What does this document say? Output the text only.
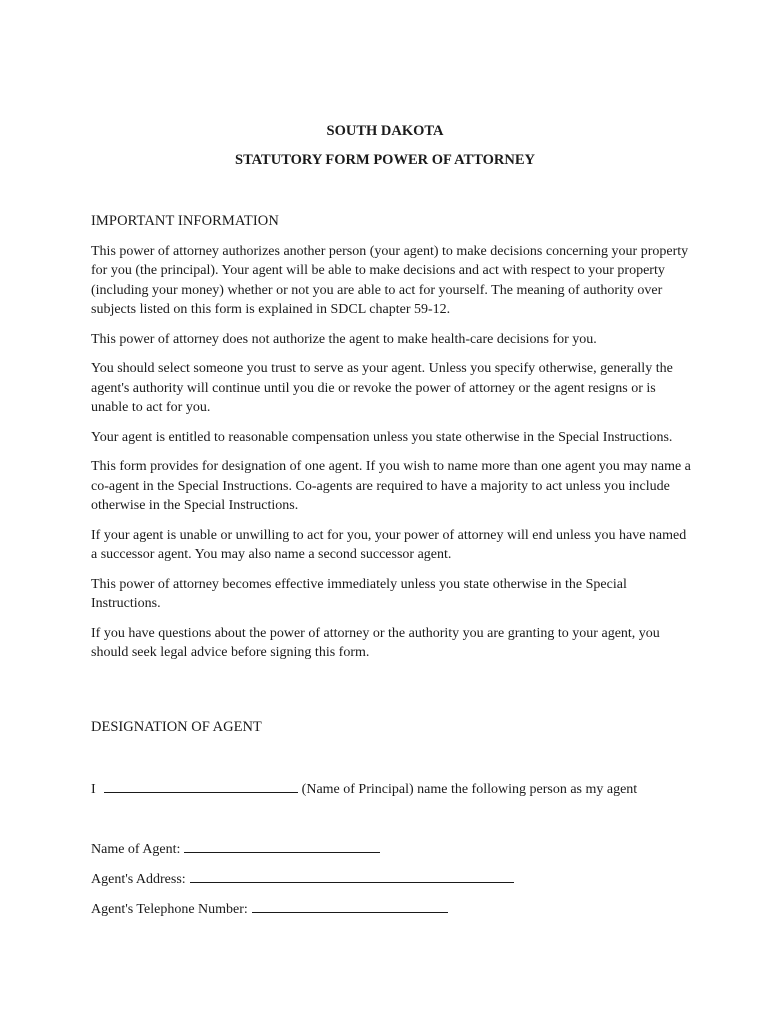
SOUTH DAKOTA
STATUTORY FORM POWER OF ATTORNEY

IMPORTANT INFORMATION

This power of attorney authorizes another person (your agent) to make decisions concerning your property for you (the principal). Your agent will be able to make decisions and act with respect to your property (including your money) whether or not you are able to act for yourself. The meaning of authority over subjects listed on this form is explained in SDCL chapter 59-12.

This power of attorney does not authorize the agent to make health-care decisions for you.

You should select someone you trust to serve as your agent. Unless you specify otherwise, generally the agent's authority will continue until you die or revoke the power of attorney or the agent resigns or is unable to act for you.

Your agent is entitled to reasonable compensation unless you state otherwise in the Special Instructions.

This form provides for designation of one agent. If you wish to name more than one agent you may name a co-agent in the Special Instructions. Co-agents are required to have a majority to act unless you include otherwise in the Special Instructions.

If your agent is unable or unwilling to act for you, your power of attorney will end unless you have named a successor agent. You may also name a second successor agent.

This power of attorney becomes effective immediately unless you state otherwise in the Special Instructions.

If you have questions about the power of attorney or the authority you are granting to your agent, you should seek legal advice before signing this form.

DESIGNATION OF AGENT

I	(Name of Principal) name the following person as my agent
Name of Agent:
Agent's Address:
Agent's Telephone Number:
